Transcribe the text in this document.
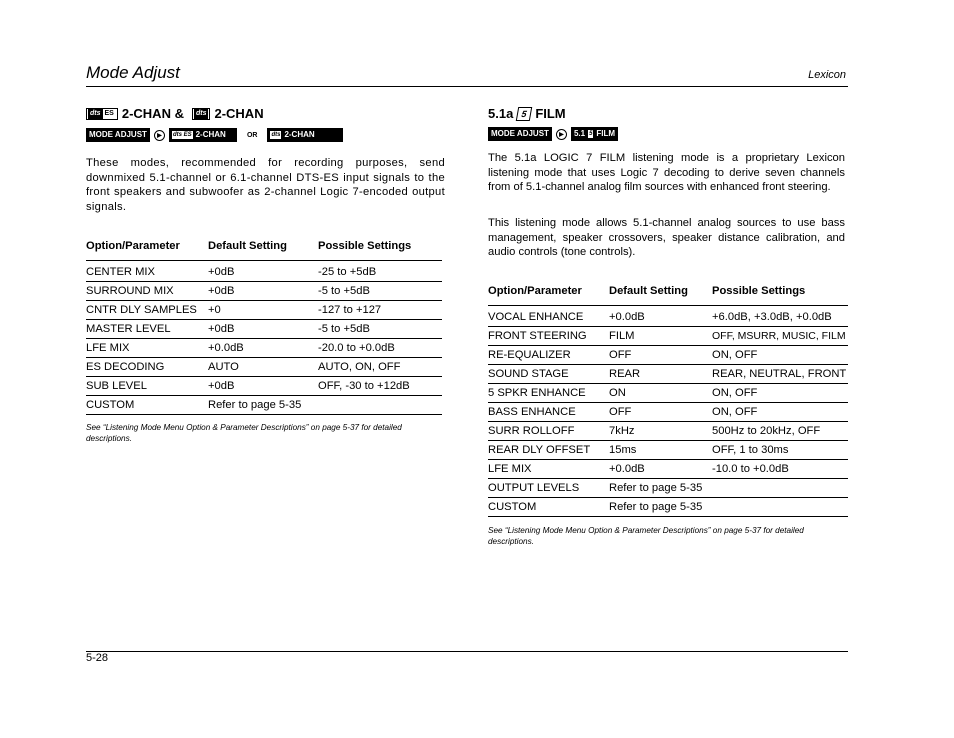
Mode Adjust	Lexicon
dts ES 2-CHAN & dts 2-CHAN
MODE ADJUST	▶	dts ES 2-CHAN	OR dts 2-CHAN

These modes, recommended for recording purposes, send downmixed 5.1-channel or 6.1-channel DTS-ES input signals to the front speakers and subwoofer as 2-channel Logic 7-encoded output signals.

Option/Parameter	Default Setting	Possible Settings

CENTER MIX	+0dB	-25 to +5dB
SURROUND MIX	+0dB	-5 to +5dB
CNTR DLY SAMPLES	+0	-127 to +127
MASTER LEVEL	+0dB	-5 to +5dB
LFE MIX	+0.0dB	-20.0 to +0.0dB
ES DECODING	AUTO	AUTO, ON, OFF
SUB LEVEL	+0dB	OFF, -30 to +12dB
CUSTOM	Refer to page 5-35	

See “Listening Mode Menu Option & Parameter Descriptions” on page 5-37 for detailed descriptions.

5.1a 5 FILM
MODE ADJUST	▶	5.1 5 FILM

The 5.1a LOGIC 7 FILM listening mode is a proprietary Lexicon listening mode that uses Logic 7 decoding to derive seven channels from of 5.1-channel analog film sources with enhanced front steering.

This listening mode allows 5.1-channel analog sources to use bass management, speaker crossovers, speaker distance calibration, and audio controls (tone controls).

Option/Parameter	Default Setting	Possible Settings

VOCAL ENHANCE	+0.0dB	+6.0dB, +3.0dB, +0.0dB
FRONT STEERING	FILM	OFF, MSURR, MUSIC, FILM
RE-EQUALIZER	OFF	ON, OFF
SOUND STAGE	REAR	REAR, NEUTRAL, FRONT
5 SPKR ENHANCE	ON	ON, OFF
BASS ENHANCE	OFF	ON, OFF
SURR ROLLOFF	7kHz	500Hz to 20kHz, OFF
REAR DLY OFFSET	15ms	OFF, 1 to 30ms
LFE MIX	+0.0dB	-10.0 to +0.0dB
OUTPUT LEVELS	Refer to page 5-35	
CUSTOM	Refer to page 5-35	

See “Listening Mode Menu Option & Parameter Descriptions” on page 5-37 for detailed descriptions.

5-28
